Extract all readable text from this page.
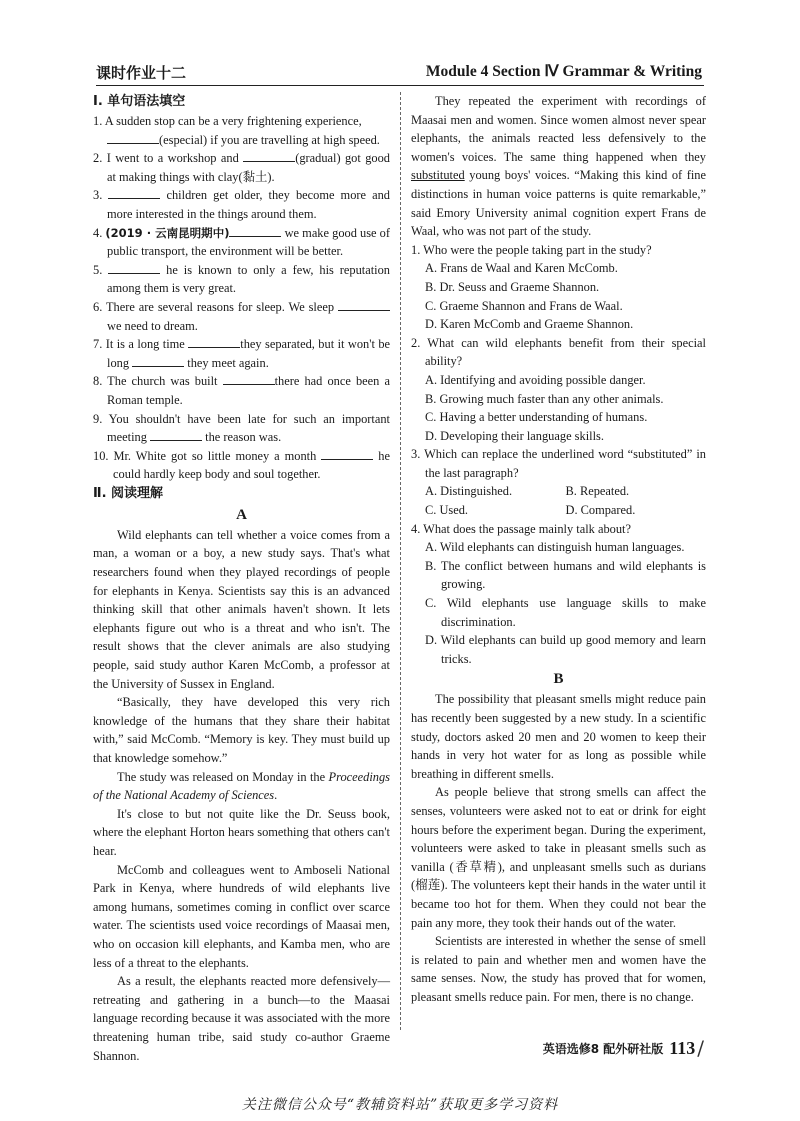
课时作业十二	Module 4 Section Ⅳ Grammar & Writing
Ⅰ. 单句语法填空
1. A sudden stop can be a very frightening experience,
(especial) if you are travelling at high speed.
2. I went to a workshop and	(gradual) got good at making things with clay(黏土).
3.	children get older, they become more and more interested in the things around them.
4. (2019 · 云南昆明期中)	we make good use of public transport, the environment will be better.
5.	he is known to only a few, his reputation among them is very great.
6. There are several reasons for sleep. We sleep  we need to dream.
7. It is a long time	they separated, but it won't be long	they meet again.
8. The church was built	there had once been a Roman temple.
9. You shouldn't have been late for such an important meeting	the reason was.
10. Mr. White got so little money a month	he could hardly keep body and soul together.
Ⅱ. 阅读理解
A

Wild elephants can tell whether a voice comes from a man, a woman or a boy, a new study says. That's what researchers found when they played recordings of people for elephants in Kenya. Scientists say this is an advanced thinking skill that other animals haven't shown. It lets elephants figure out who is a threat and who isn't. The result shows that the clever animals are also studying people, said study author Karen McComb, a professor at the University of Sussex in England.

“Basically, they have developed this very rich knowledge of the humans that they share their habitat with,” said McComb. “Memory is key. They must build up that knowledge somehow.”

The study was released on Monday in the Proceedings of the National Academy of Sciences.

It's close to but not quite like the Dr. Seuss book, where the elephant Horton hears something that others can't hear.

McComb and colleagues went to Amboseli National Park in Kenya, where hundreds of wild elephants live among humans, sometimes coming in conflict over scarce water. The scientists used voice recordings of Maasai men, who on occasion kill elephants, and Kamba men, who are less of a threat to the elephants.

As a result, the elephants reacted more defensively—retreating and gathering in a bunch—to the Maasai language recording because it was associated with the more threatening human tribe, said study co-author Graeme Shannon.

They repeated the experiment with recordings of Maasai men and women. Since women almost never spear elephants, the animals reacted less defensively to the women's voices. The same thing happened when they substituted young boys' voices. “Making this kind of fine distinctions in human voice patterns is quite remarkable,” said Emory University animal cognition expert Frans de Waal, who was not part of the study.

1. Who were the people taking part in the study?
A. Frans de Waal and Karen McComb.
B. Dr. Seuss and Graeme Shannon.
C. Graeme Shannon and Frans de Waal.
D. Karen McComb and Graeme Shannon.
2. What can wild elephants benefit from their special ability?
A. Identifying and avoiding possible danger.
B. Growing much faster than any other animals.
C. Having a better understanding of humans.
D. Developing their language skills.
3. Which can replace the underlined word “substituted” in the last paragraph?
A. Distinguished.	B. Repeated.
C. Used.	D. Compared.
4. What does the passage mainly talk about?
A. Wild elephants can distinguish human languages.
B. The conflict between humans and wild elephants is growing.
C. Wild elephants use language skills to make discrimination.
D. Wild elephants can build up good memory and learn tricks.
B

The possibility that pleasant smells might reduce pain has recently been suggested by a new study. In a scientific study, doctors asked 20 men and 20 women to keep their hands in very hot water for as long as possible while breathing in different smells.

As people believe that strong smells can affect the senses, volunteers were asked not to eat or drink for eight hours before the experiment began. During the experiment, volunteers were asked to take in pleasant smells such as vanilla (香草精), and unpleasant smells such as durians (榴莲). The volunteers kept their hands in the water until it became too hot for them. When they could not bear the pain any more, they took their hands out of the water.

Scientists are interested in whether the sense of smell is related to pain and whether men and women have the same senses. Now, the study has proved that for women, pleasant smells reduce pain. For men, there is no change.

英语选修8 配外研社版 113 /
关注微信公众号“教辅资料站”获取更多学习资料
